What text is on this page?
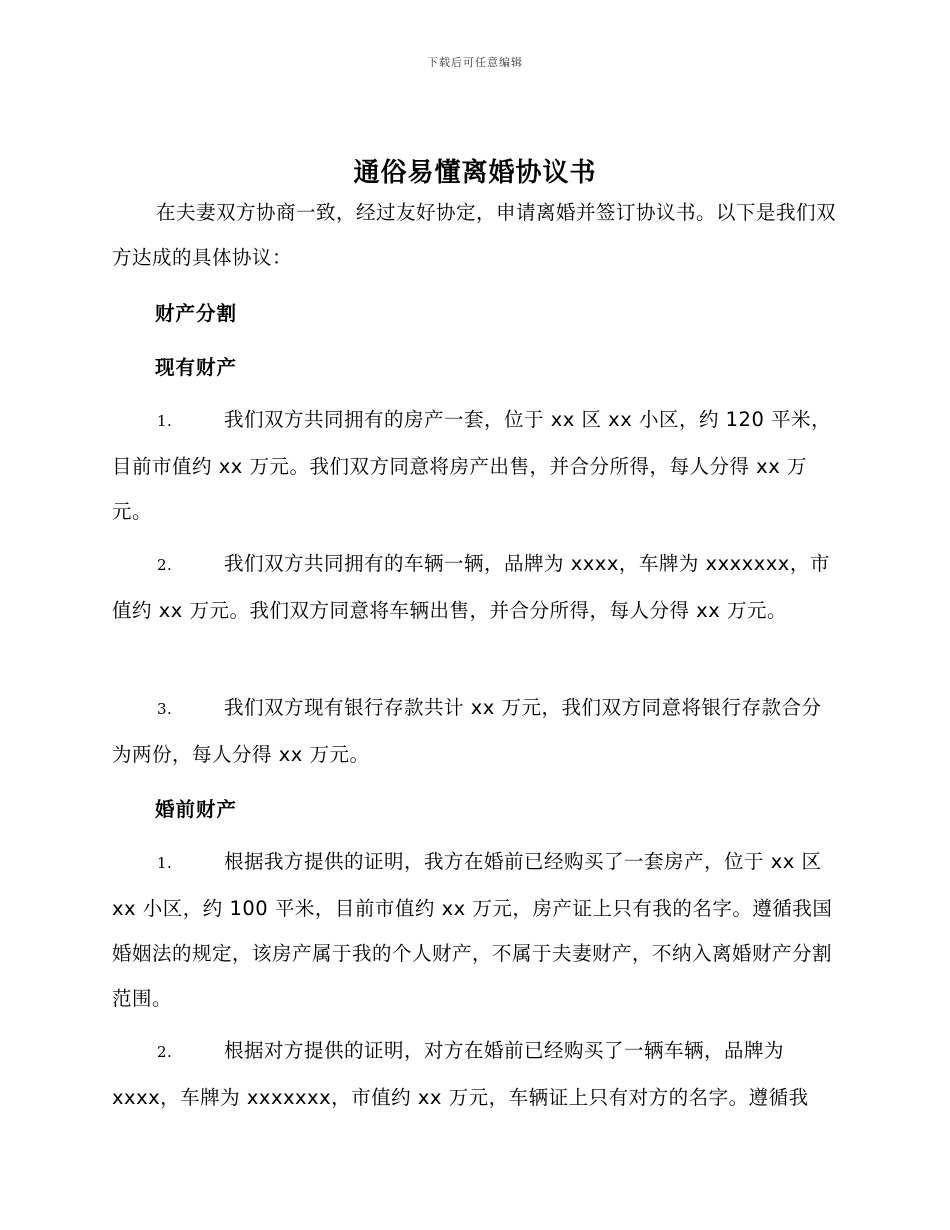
下载后可任意编辑
通俗易懂离婚协议书
在夫妻双方协商一致，经过友好协定，申请离婚并签订协议书。以下是我们双方达成的具体协议：
财产分割
现有财产
1.	我们双方共同拥有的房产一套，位于 xx 区 xx 小区，约 120 平米，目前市值约 xx 万元。我们双方同意将房产出售，并合分所得，每人分得 xx 万元。
2.	我们双方共同拥有的车辆一辆，品牌为 xxxx，车牌为 xxxxxxx，市值约 xx 万元。我们双方同意将车辆出售，并合分所得，每人分得 xx 万元。
3.	我们双方现有银行存款共计 xx 万元，我们双方同意将银行存款合分为两份，每人分得 xx 万元。
婚前财产
1.	根据我方提供的证明，我方在婚前已经购买了一套房产，位于 xx 区 xx 小区，约 100 平米，目前市值约 xx 万元，房产证上只有我的名字。遵循我国婚姻法的规定，该房产属于我的个人财产，不属于夫妻财产，不纳入离婚财产分割范围。
2.	根据对方提供的证明，对方在婚前已经购买了一辆车辆，品牌为 xxxx，车牌为 xxxxxxx，市值约 xx 万元，车辆证上只有对方的名字。遵循我
